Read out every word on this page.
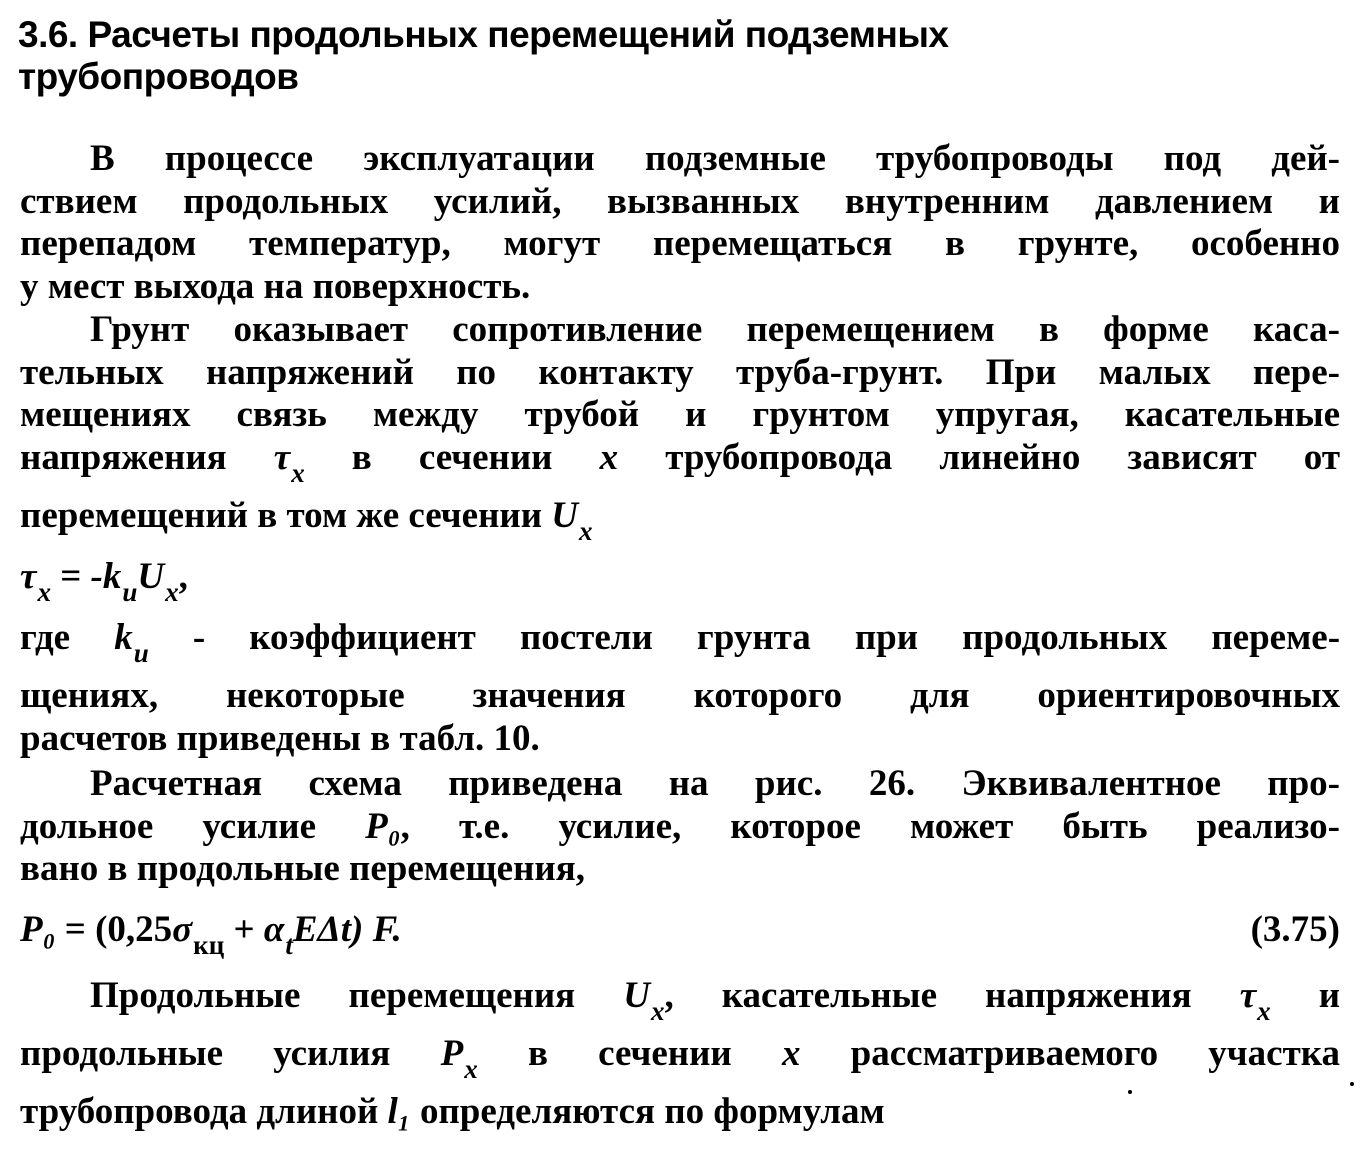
3.6. Расчеты продольных перемещений подземных
трубопроводов
В процессе эксплуатации подземные трубопроводы под дей-
ствием продольных усилий, вызванных внутренним давлением и
перепадом температур, могут перемещаться в грунте, особенно
у мест выхода на поверхность.
Грунт оказывает сопротивление перемещением в форме каса-
тельных напряжений по контакту труба-грунт. При малых пере-
мещениях связь между трубой и грунтом упругая, касательные
напряжения $\tau_x$ в сечении x трубопровода линейно зависят от
перемещений в том же сечении $U_x$
$\tau_x = -k_uU_x$,
где $k_u$ - коэффициент постели грунта при продольных переме-
щениях, некоторые значения которого для ориентировочных
расчетов приведены в табл. 10.
Расчетная схема приведена на рис. 26. Эквивалентное про-
дольное усилие P₀, т.е. усилие, которое может быть реализо-
вано в продольные перемещения,
$P_0 = (0,25\sigma_{кц} + \alpha_tE\Delta t)$ F.	(3.75)
Продольные перемещения $U_x$, касательные напряжения $\tau_x$ и
продольные усилия $P_x$ в сечении x рассматриваемого участка
трубопровода длиной l₁ определяются по формулам
